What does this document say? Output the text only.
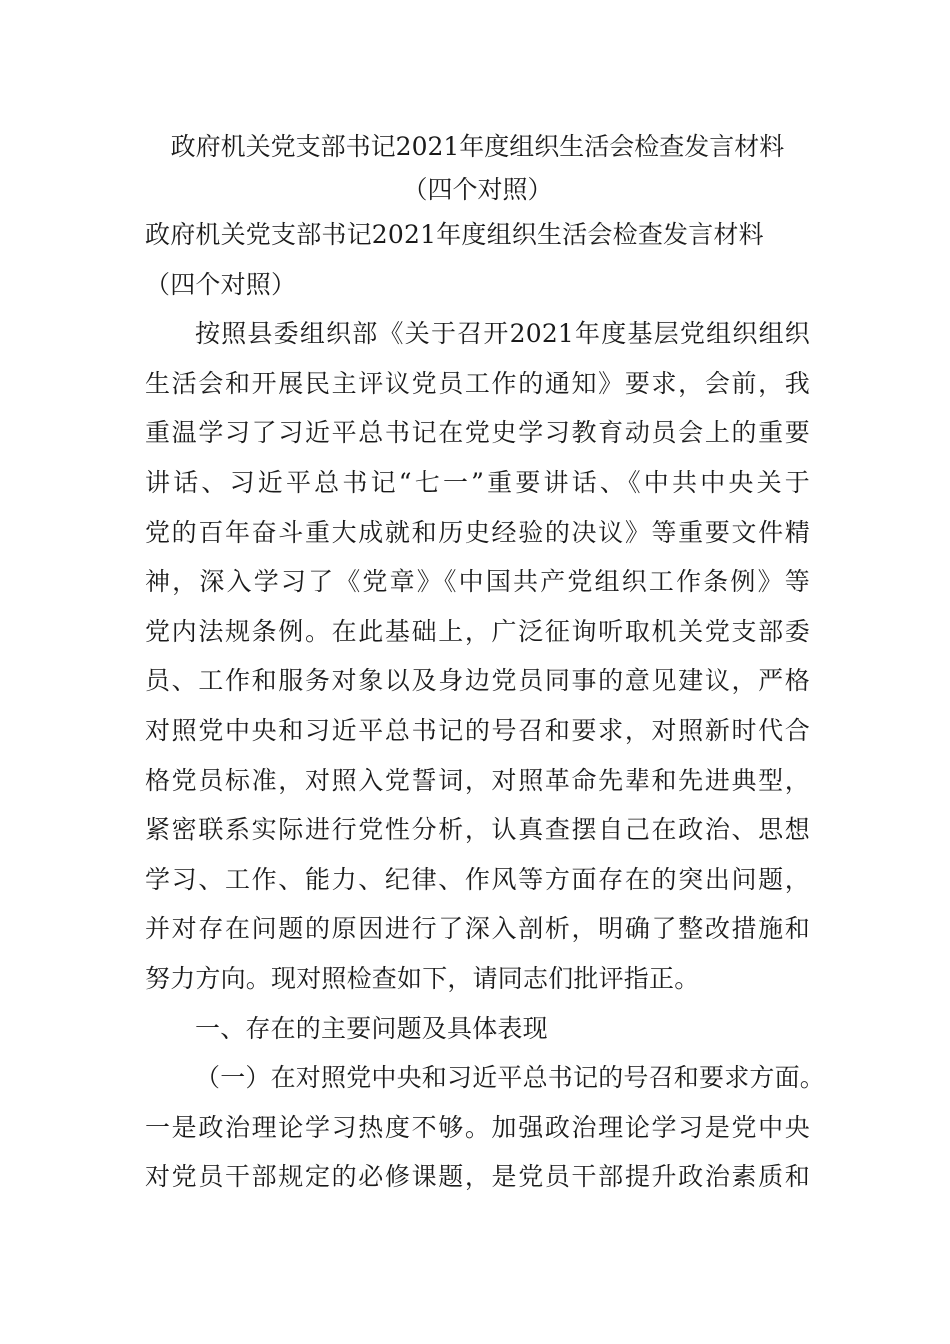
政府机关党支部书记2021年度组织生活会检查发言材料
（四个对照）
政府机关党支部书记2021年度组织生活会检查发言材料
（四个对照）
按照县委组织部《关于召开2021年度基层党组织组织
生活会和开展民主评议党员工作的通知》要求，会前，我
重温学习了习近平总书记在党史学习教育动员会上的重要
讲话、习近平总书记“七一”重要讲话、《中共中央关于
党的百年奋斗重大成就和历史经验的决议》等重要文件精
神，深入学习了《党章》《中国共产党组织工作条例》等
党内法规条例。在此基础上，广泛征询听取机关党支部委
员、工作和服务对象以及身边党员同事的意见建议，严格
对照党中央和习近平总书记的号召和要求，对照新时代合
格党员标准，对照入党誓词，对照革命先辈和先进典型，
紧密联系实际进行党性分析，认真查摆自己在政治、思想
学习、工作、能力、纪律、作风等方面存在的突出问题，
并对存在问题的原因进行了深入剖析，明确了整改措施和
努力方向。现对照检查如下，请同志们批评指正。
一、存在的主要问题及具体表现
（一）在对照党中央和习近平总书记的号召和要求方面。
一是政治理论学习热度不够。加强政治理论学习是党中央
对党员干部规定的必修课题，是党员干部提升政治素质和
